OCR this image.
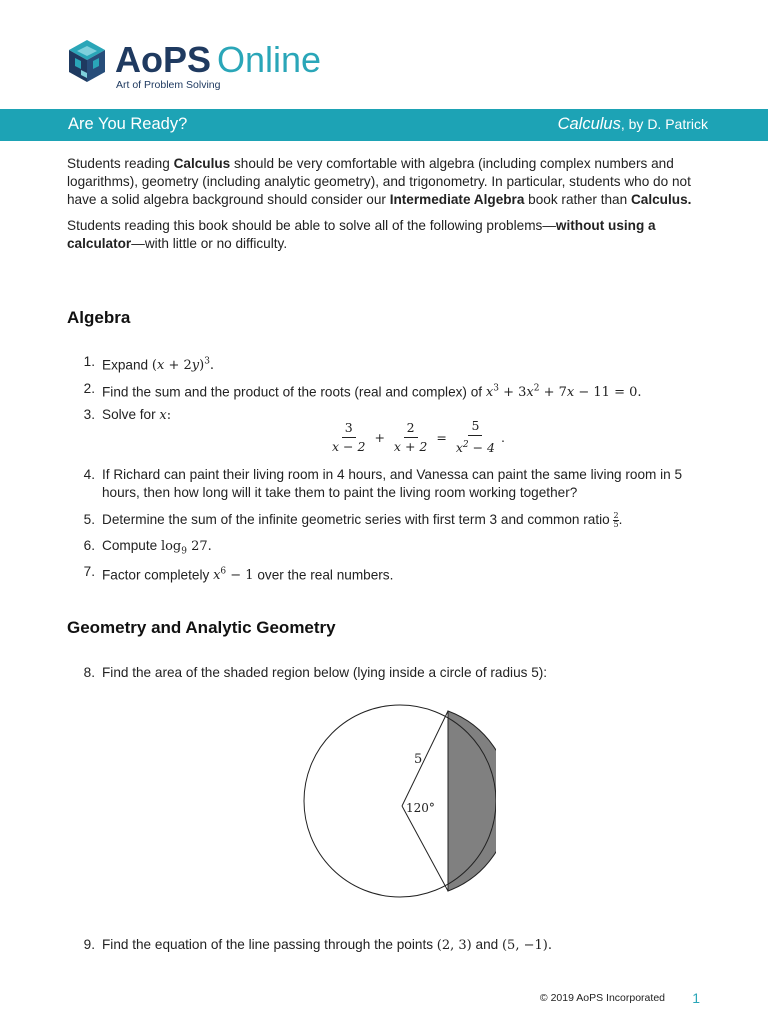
AoPS Online
Art of Problem Solving
Are You Ready?	Calculus, by D. Patrick

Students reading Calculus should be very comfortable with algebra (including complex numbers and logarithms), geometry (including analytic geometry), and trigonometry. In particular, students who do not have a solid algebra background should consider our Intermediate Algebra book rather than Calculus.

Students reading this book should be able to solve all of the following problems—without using a calculator—with little or no difficulty.

Algebra
1. Expand $(x + 2y)^3$.
2. Find the sum and the product of the roots (real and complex) of $x^3 + 3x^2 + 7x - 11 = 0$.
3. Solve for x:
$\frac{3}{x - 2} + \frac{2}{x + 2} = \frac{5}{x^2 - 4}$ .
4. If Richard can paint their living room in 4 hours, and Vanessa can paint the same living room in 5 hours, then how long will it take them to paint the living room working together?
5. Determine the sum of the infinite geometric series with first term 3 and common ratio $\frac{2}{5}$ .
6. Compute $\log_9 27$.
7. Factor completely $x^6 - 1$ over the real numbers.
Geometry and Analytic Geometry
8. Find the area of the shaded region below (lying inside a circle of radius 5):
5
120°
9. Find the equation of the line passing through the points (2, 3) and (5, −1).
© 2019 AoPS Incorporated 1
